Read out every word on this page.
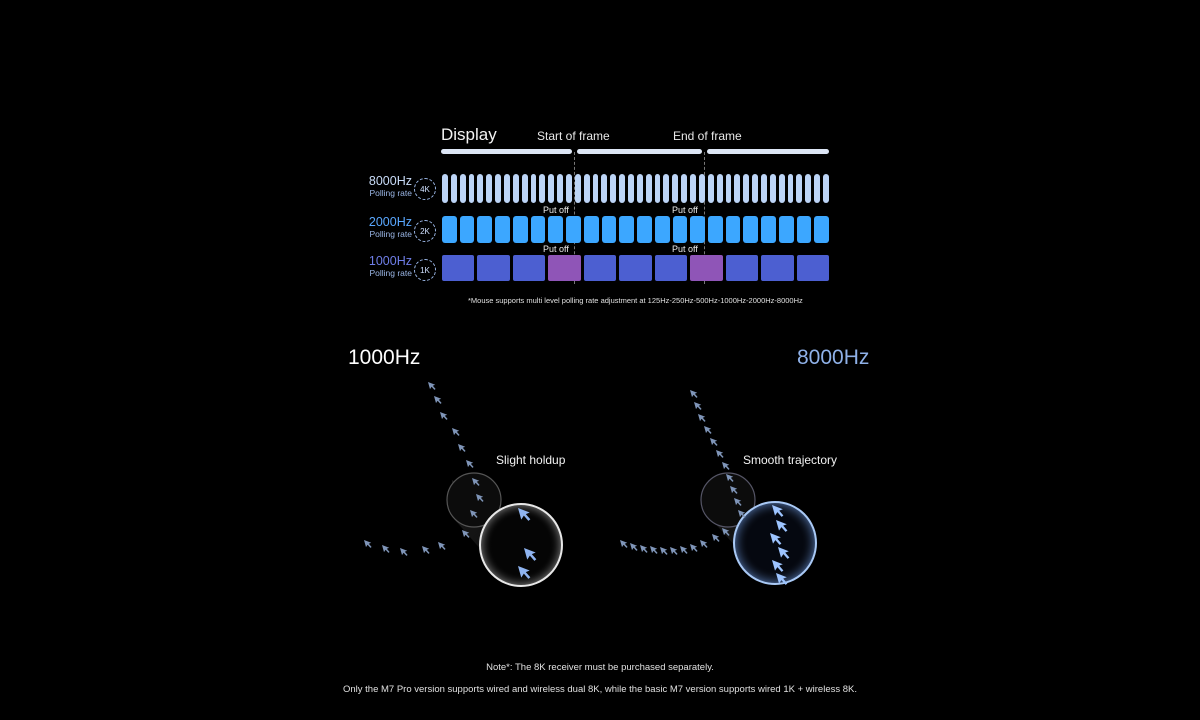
Display	Start of frame	End of frame
8000Hz
Polling rate	4K
Put off	Put off
2000Hz
Polling rate	2K
Put off	Put off
1000Hz
Polling rate	1K
*Mouse supports multi level polling rate adjustment at 125Hz-250Hz-500Hz-1000Hz-2000Hz-8000Hz
1000Hz	8000Hz
Slight holdup	Smooth trajectory
Note*: The 8K receiver must be purchased separately.
Only the M7 Pro version supports wired and wireless dual 8K, while the basic M7 version supports wired 1K + wireless 8K.
